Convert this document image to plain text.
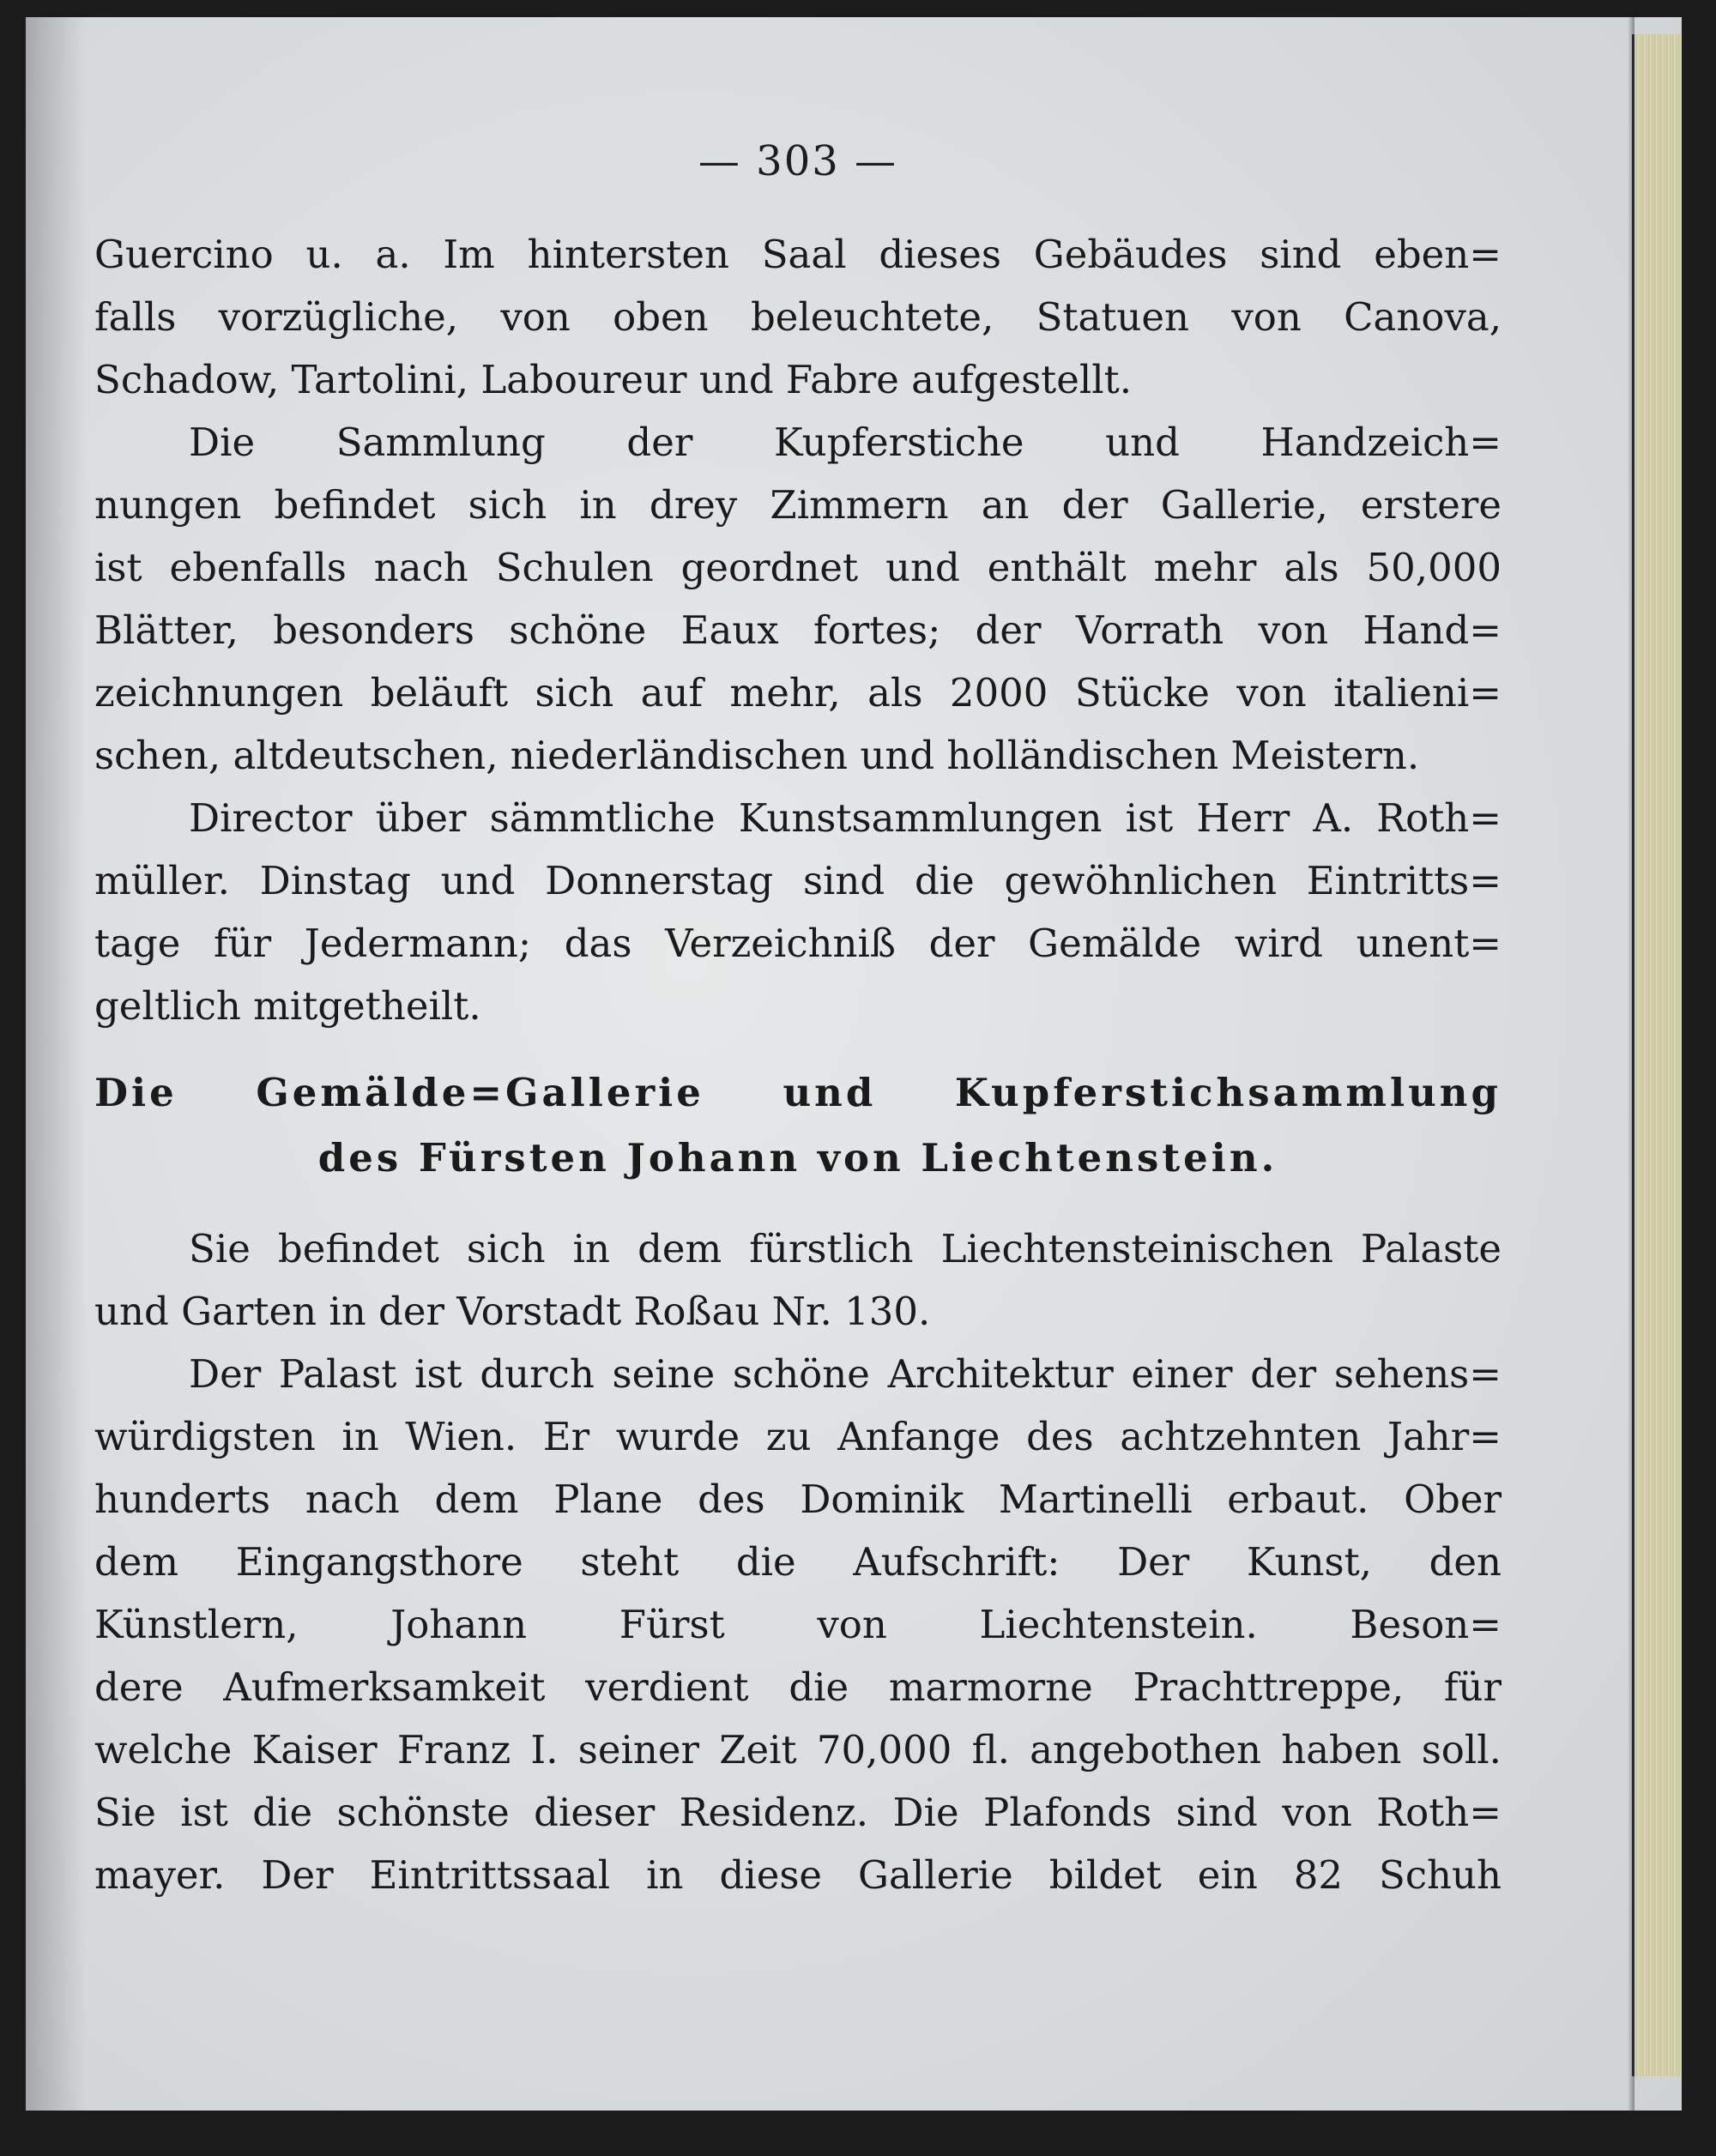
— 303 —
Guercino u. a. Im hintersten Saal dieses Gebäudes sind eben=
falls vorzügliche, von oben beleuchtete, Statuen von Canova,
Schadow, Tartolini, Laboureur und Fabre aufgestellt.
Die Sammlung der Kupferstiche und Handzeich=
nungen befindet sich in drey Zimmern an der Gallerie, erstere
ist ebenfalls nach Schulen geordnet und enthält mehr als 50,000
Blätter, besonders schöne Eaux fortes; der Vorrath von Hand=
zeichnungen beläuft sich auf mehr, als 2000 Stücke von italieni=
schen, altdeutschen, niederländischen und holländischen Meistern.
Director über sämmtliche Kunstsammlungen ist Herr A. Roth=
müller. Dinstag und Donnerstag sind die gewöhnlichen Eintritts=
tage für Jedermann; das Verzeichniß der Gemälde wird unent=
geltlich mitgetheilt.
Die Gemälde=Gallerie und Kupferstichsammlung
des Fürsten Johann von Liechtenstein.
Sie befindet sich in dem fürstlich Liechtensteinischen Palaste
und Garten in der Vorstadt Roßau Nr. 130.
Der Palast ist durch seine schöne Architektur einer der sehens=
würdigsten in Wien. Er wurde zu Anfange des achtzehnten Jahr=
hunderts nach dem Plane des Dominik Martinelli erbaut. Ober
dem Eingangsthore steht die Aufschrift: Der Kunst, den
Künstlern, Johann Fürst von Liechtenstein. Beson=
dere Aufmerksamkeit verdient die marmorne Prachttreppe, für
welche Kaiser Franz I. seiner Zeit 70,000 fl. angebothen haben soll.
Sie ist die schönste dieser Residenz. Die Plafonds sind von Roth=
mayer. Der Eintrittssaal in diese Gallerie bildet ein 82 Schuh
